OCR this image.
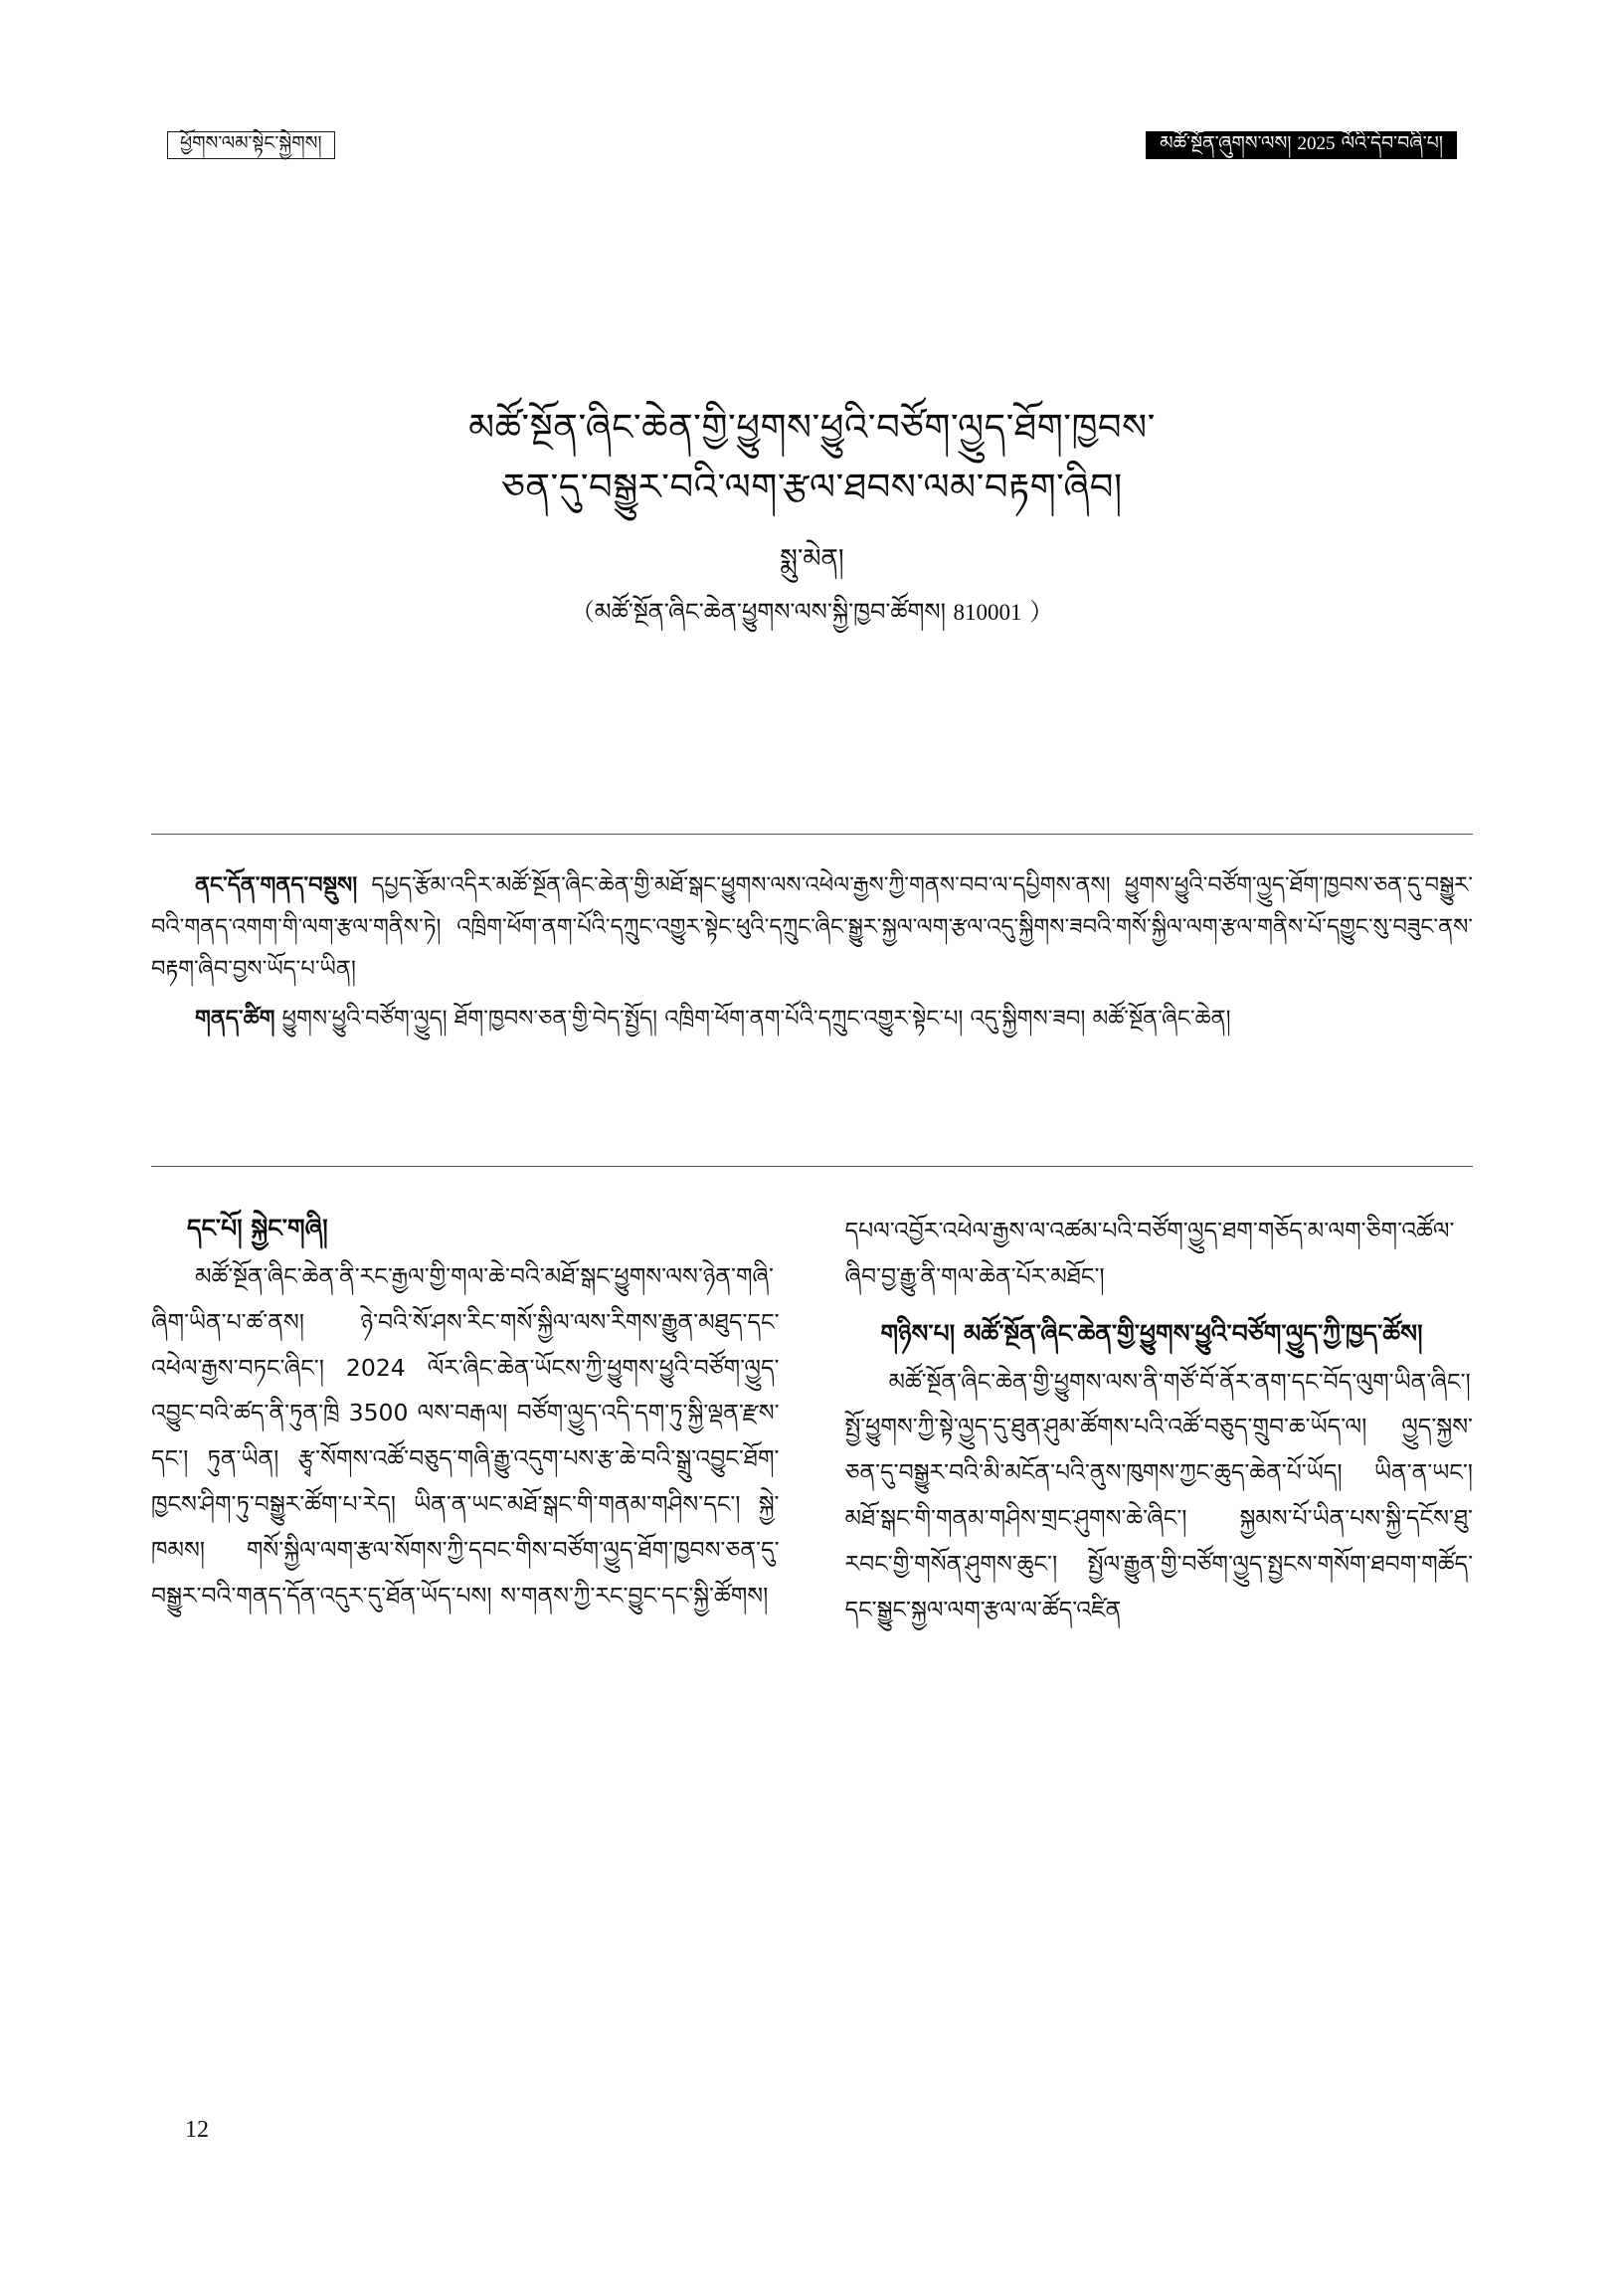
ཕྱོགས་ལམ་སྟེང་སྐྱེགས།	མཚོ་སྔོན་ཞུགས་ལས། 2025 ལོའི་དེབ་བཞི་པ།
མཚོ་སྔོན་ཞིང་ཆེན་གྱི་ཕྱུགས་ཕྱུའི་བཙོག་ལྱུད་ཐོག་ཁྱབས་
ཅན་དུ་བསྒྱུར་བའི་ལག་རྩལ་ཐབས་ལམ་བརྟག་ཞིབ།
སྨུ་མེན།
（མཚོ་སྔོན་ཞིང་ཆེན་ཕྱུགས་ལས་སྐྱི་ཁྱབ་ཚོགས། 810001 ）

ནང་དོན་གནད་བསྡུས། དཔྱད་རྩོམ་འདིར་མཚོ་སྔོན་ཞིང་ཆེན་གྱི་མཐོ་སྒང་ཕྱུགས་ལས་འཕེལ་རྒྱས་ཀྱི་གནས་བབ་ལ་དཔྱིགས་ནས། ཕྱུགས་ཕྱུའི་བཙོག་ལྱུད་ཐོག་ཁྱབས་ཅན་དུ་བསྒྱུར་བའི་གནད་འགག་གི་ལག་རྩལ་གནིས་ཏེ། འཁྲིག་ཕོག་ནག་པོའི་དཀྲུང་འགྱུར་སྟེང་ཕུའི་དཀྲུང་ཞིང་སྒྱུར་སྐྱལ་ལག་རྩལ་འདུ་སྐྱིགས་ཟབའི་གསོ་སྐྱིལ་ལག་རྩལ་གནིས་པོ་དགྱུང་སུ་བཟུང་ནས་བརྟག་ཞིབ་བྱས་ཡོད་པ་ཡིན།

གནད་ཚིག ཕྱུགས་ཕྱུའི་བཙོག་ལྱུད། ཐོག་ཁྱབས་ཅན་གྱི་བེད་སྤྱོད། འཁྲིག་ཕོག་ནག་པོའི་དཀྲུང་འགྱུར་སྟེང་པ། འདུ་སྐྱིགས་ཟབ། མཚོ་སྔོན་ཞིང་ཆེན།

དང་པོ། སྐྱེང་གཞི།

མཚོ་སྔོན་ཞིང་ཆེན་ནི་རང་རྒྱལ་གྱི་གལ་ཆེ་བའི་མཐོ་སྒང་ཕྱུགས་ལས་ཉེན་གཞི་ཞིག་ཡིན་པ་ཚ་ནས། ཉེ་བའི་སོ་ཤས་རིང་གསོ་སྐྱིལ་ལས་རིགས་རྒྱུན་མཐུད་དང་འཕེལ་རྒྱས་བཏང་ཞིང་། 2024 ལོར་ཞིང་ཆེན་ཡོངས་ཀྱི་ཕྱུགས་ཕྱུའི་བཙོག་ལྱུད་འབྱུང་བའི་ཚད་ནི་ཏུན་ཁྲི 3500 ལས་བརྒལ། བཙོག་ལྱུད་འདི་དག་ཏུ་སྐྱི་ལྡན་རྫས་དང་། ཏུན་ཡིན། རྩྭ་སོགས་འཚོ་བཅུད་གཞི་རྒྱུ་འདུག་པས་རྩ་ཆེ་བའི་སྒྲུ་འབྱུང་ཐོག་ཁྱངས་ཤིག་ཏུ་བསྒྱུར་ཚོག་པ་རེད། ཡིན་ན་ཡང་མཐོ་སྒང་གི་གནམ་གཤིས་དང་། སྐྱེ་ཁམས། གསོ་སྐྱིལ་ལག་རྩལ་སོགས་ཀྱི་དབང་གིས་བཙོག་ལྱུད་ཐོག་ཁྱབས་ཅན་དུ་བསྒྱུར་བའི་གནད་དོན་འདུར་དུ་ཐོན་ཡོད་པས། ས་གནས་ཀྱི་རང་བྱུང་དང་སྐྱི་ཚོགས།

དཔལ་འབྱོར་འཕེལ་རྒྱས་ལ་འཚམ་པའི་བཙོག་ལྱུད་ཐག་གཅོད་མ་ལག་ཅིག་འཚོལ་ཞིབ་བྱ་རྒྱུ་ནི་གལ་ཆེན་པོར་མཐོང་།

གཉིས་པ། མཚོ་སྔོན་ཞིང་ཆེན་གྱི་ཕྱུགས་ཕྱུའི་བཙོག་ལྱུད་ཀྱི་ཁྱད་ཚོས།

མཚོ་སྔོན་ཞིང་ཆེན་གྱི་ཕྱུགས་ལས་ནི་གཙོ་བོ་ནོར་ནག་དང་བོད་ལུག་ཡིན་ཞིང་། སྤྱོ་ཕྱུགས་ཀྱི་སྟེ་ལྱུད་དུ་ཐུན་ཤུམ་ཚོགས་པའི་འཚོ་བཅུད་གྲུབ་ཆ་ཡོད་ལ། ལྱུད་སྐྱས་ཅན་དུ་བསྒྱུར་བའི་མི་མངོན་པའི་ནུས་ཁུགས་ཀྱང་ཆུད་ཆེན་པོ་ཡོད། ཡིན་ན་ཡང་། མཐོ་སྒང་གི་གནམ་གཤིས་གྲང་ཤུགས་ཆེ་ཞིང་། སྐྱམས་པོ་ཡིན་པས་སྐྱི་དངོས་ཐུ་རབང་གྱི་གསོན་ཤུགས་ཆུང་། སྤྱོལ་རྒྱུན་གྱི་བཙོག་ལྱུད་སྤྱངས་གསོག་ཐབག་གཚོད་དང་སྒྱུང་སྐྱལ་ལག་རྩལ་ལ་ཚོད་འཛིན

12
